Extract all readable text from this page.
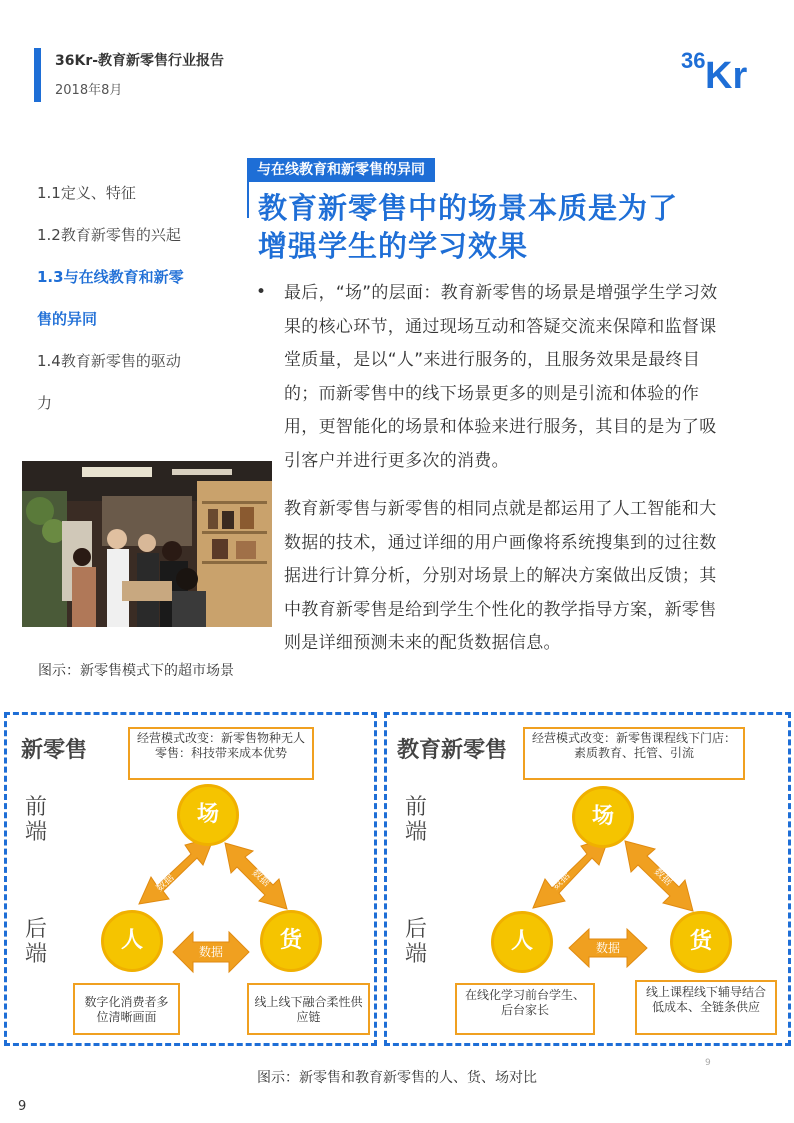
36Kr-教育新零售行业报告
2018年8月
36 Kr
1.1定义、特征
1.2教育新零售的兴起
1.3与在线教育和新零
售的异同
1.4教育新零售的驱动
力
图示：新零售模式下的超市场景
与在线教育和新零售的异同
教育新零售中的场景本质是为了
增强学生的学习效果
• 最后，“场”的层面：教育新零售的场景是增强学生学习效果的核心环节，通过现场互动和答疑交流来保障和监督课堂质量，是以“人”来进行服务的，且服务效果是最终目的；而新零售中的线下场景更多的则是引流和体验的作用，更智能化的场景和体验来进行服务，其目的是为了吸引客户并进行更多次的消费。
教育新零售与新零售的相同点就是都运用了人工智能和大数据的技术，通过详细的用户画像将系统搜集到的过往数据进行计算分析，分别对场景上的解决方案做出反馈；其中教育新零售是给到学生个性化的教学指导方案，新零售则是详细预测未来的配货数据信息。
新零售	经营模式改变：新零售物种无人零售：科技带来成本优势
前端
后端
数据	数据
数据
场
人	货
数字化消费者多位清晰画面
线上线下融合柔性供应链
教育新零售	经营模式改变：新零售课程线下门店：素质教育、托管、引流
前端
后端
数据	数据
数据
场
人	货
在线化学习前台学生、后台家长
线上课程线下辅导结合低成本、全链条供应
9
图示：新零售和教育新零售的人、货、场对比
9
